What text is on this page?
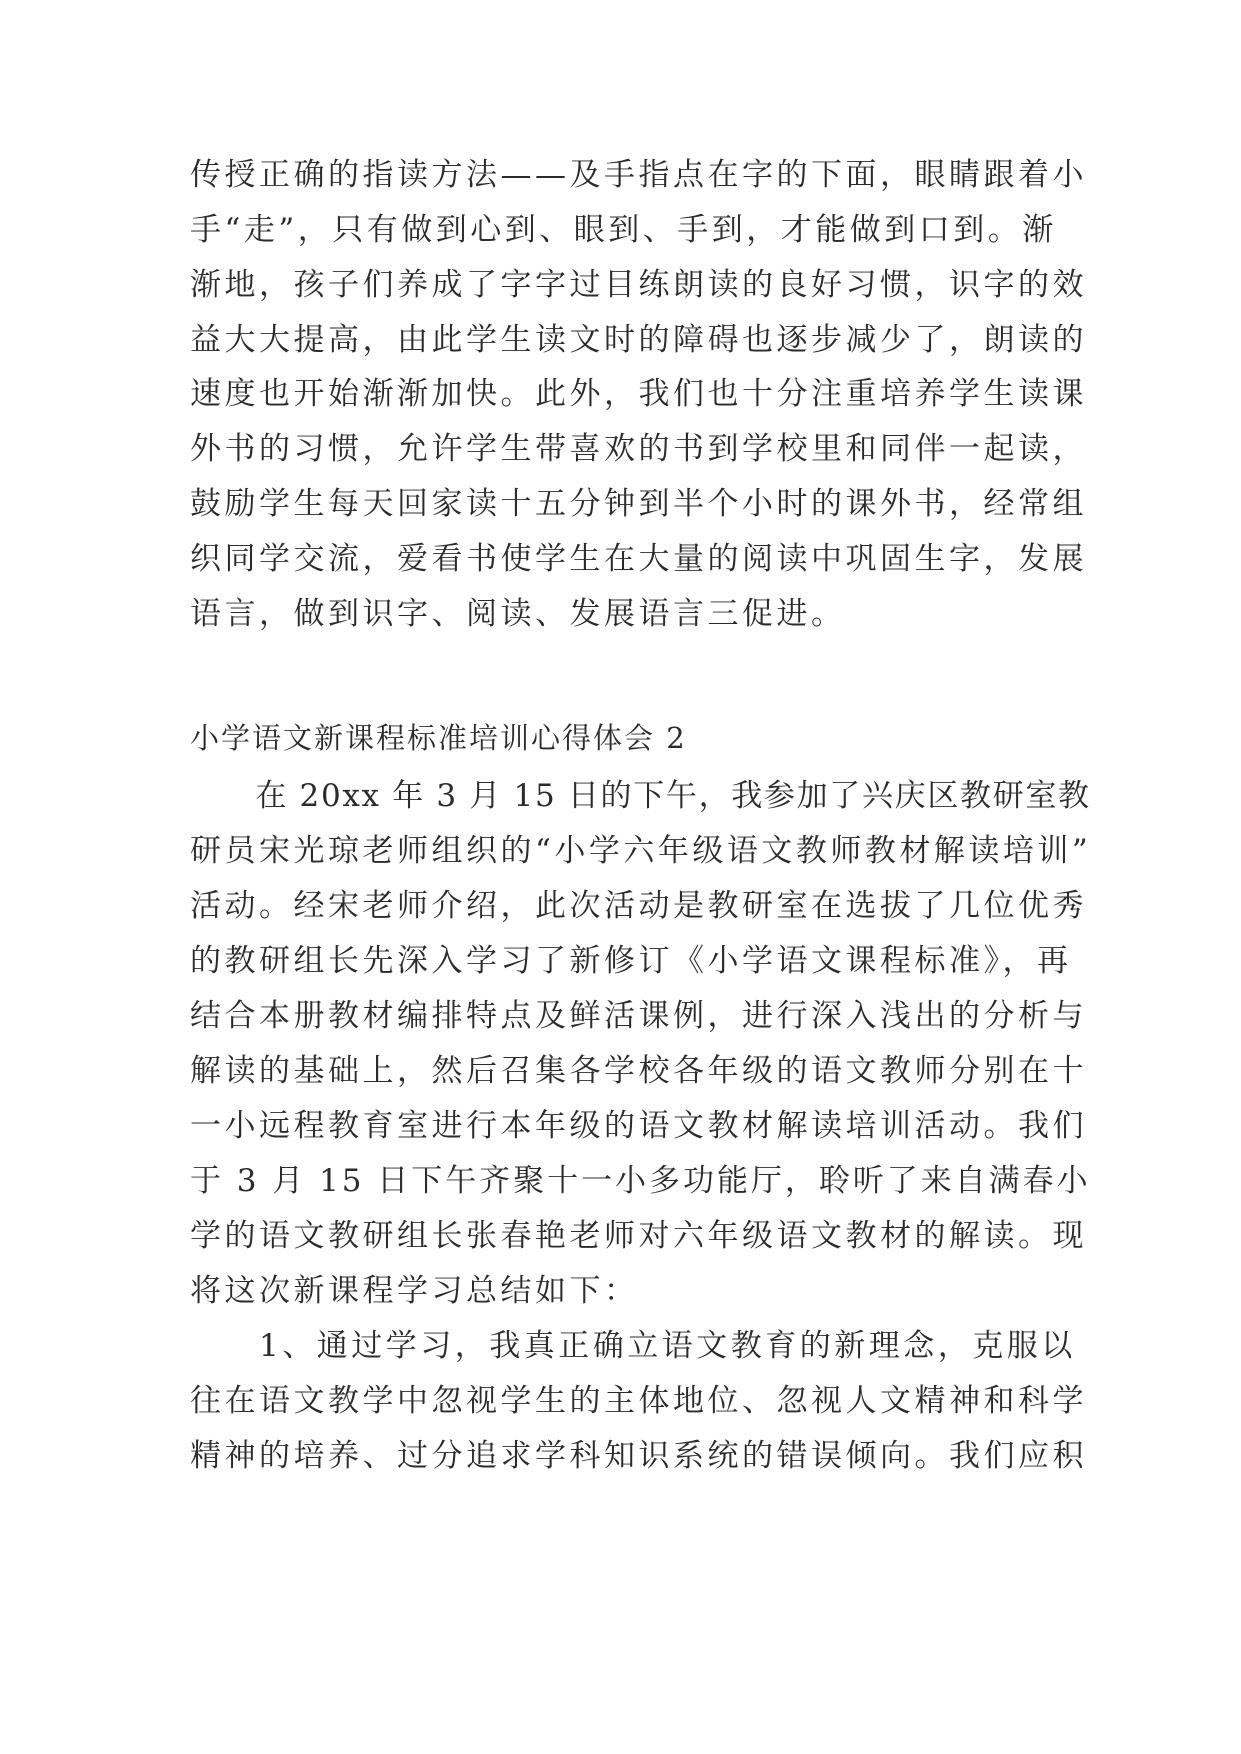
传授正确的指读方法——及手指点在字的下面，眼睛跟着小
手“走”，只有做到心到、眼到、手到，才能做到口到。渐
渐地，孩子们养成了字字过目练朗读的良好习惯，识字的效
益大大提高，由此学生读文时的障碍也逐步减少了，朗读的
速度也开始渐渐加快。此外，我们也十分注重培养学生读课
外书的习惯，允许学生带喜欢的书到学校里和同伴一起读，
鼓励学生每天回家读十五分钟到半个小时的课外书，经常组
织同学交流，爱看书使学生在大量的阅读中巩固生字，发展
语言，做到识字、阅读、发展语言三促进。
小学语文新课程标准培训心得体会 2
　　在 20xx 年 3 月 15 日的下午，我参加了兴庆区教研室教
研员宋光琼老师组织的“小学六年级语文教师教材解读培训”
活动。经宋老师介绍，此次活动是教研室在选拔了几位优秀
的教研组长先深入学习了新修订《小学语文课程标准》，再
结合本册教材编排特点及鲜活课例，进行深入浅出的分析与
解读的基础上，然后召集各学校各年级的语文教师分别在十
一小远程教育室进行本年级的语文教材解读培训活动。我们
于 3 月 15 日下午齐聚十一小多功能厅，聆听了来自满春小
学的语文教研组长张春艳老师对六年级语文教材的解读。现
将这次新课程学习总结如下：
　　1、通过学习，我真正确立语文教育的新理念，克服以
往在语文教学中忽视学生的主体地位、忽视人文精神和科学
精神的培养、过分追求学科知识系统的错误倾向。我们应积
